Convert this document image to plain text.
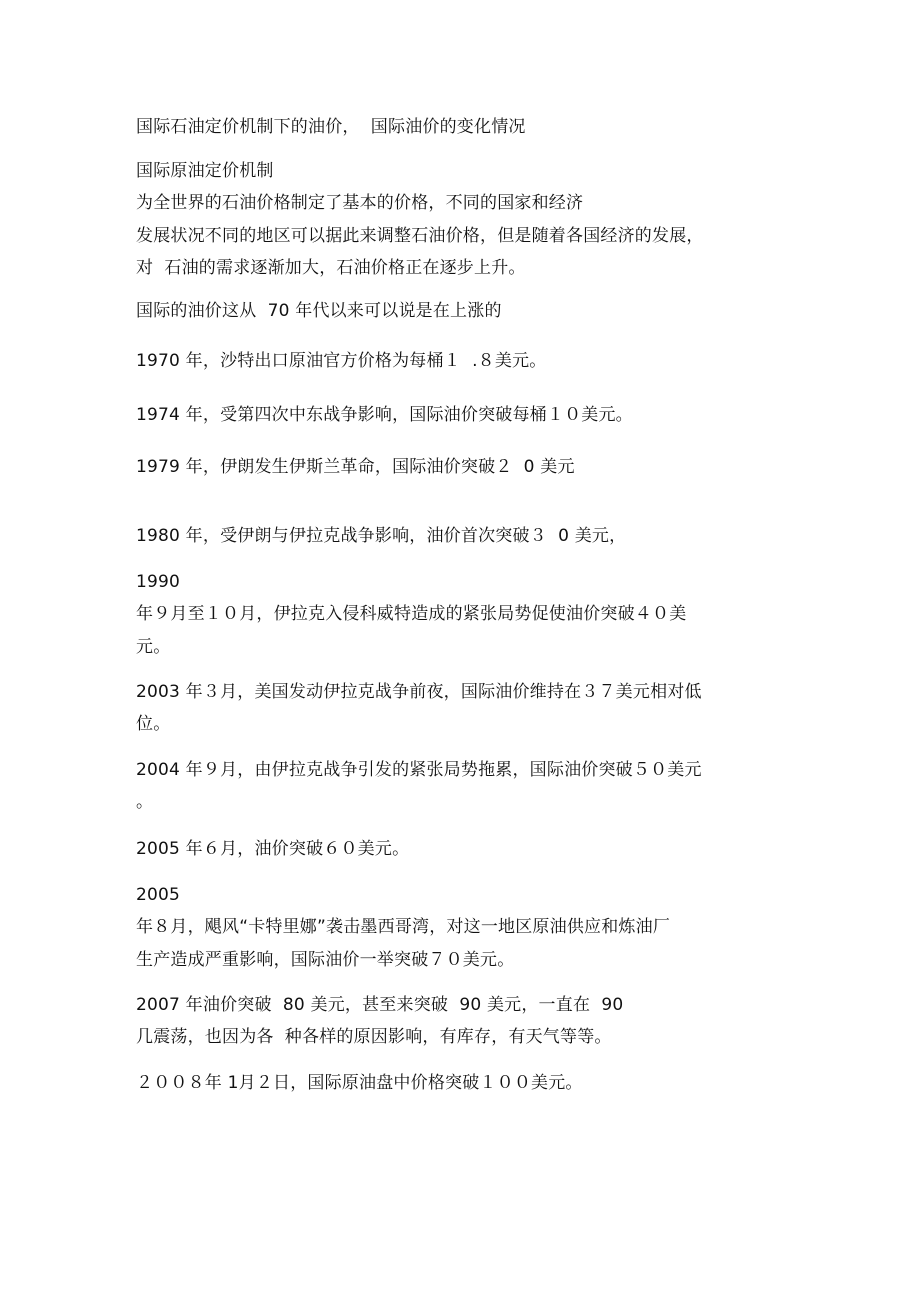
国际石油定价机制下的油价，  国际油价的变化情况

国际原油定价机制

为全世界的石油价格制定了基本的价格，不同的国家和经济

发展状况不同的地区可以据此来调整石油价格，但是随着各国经济的发展，

对  石油的需求逐渐加大，石油价格正在逐步上升。

国际的油价这从  70 年代以来可以说是在上涨的

1970 年，沙特出口原油官方价格为每桶１  .８美元。

1974 年，受第四次中东战争影响，国际油价突破每桶１０美元。

1979 年，伊朗发生伊斯兰革命，国际油价突破２  0 美元

1980 年，受伊朗与伊拉克战争影响，油价首次突破３  0 美元，

1990

年９月至１０月，伊拉克入侵科威特造成的紧张局势促使油价突破４０美

元。

2003 年３月，美国发动伊拉克战争前夜，国际油价维持在３７美元相对低

位。

2004 年９月，由伊拉克战争引发的紧张局势拖累，国际油价突破５０美元

。

2005 年６月，油价突破６０美元。

2005

年８月，飓风“卡特里娜”袭击墨西哥湾，对这一地区原油供应和炼油厂

生产造成严重影响，国际油价一举突破７０美元。

2007 年油价突破  80 美元，甚至来突破  90 美元，一直在  90

几震荡，也因为各  种各样的原因影响，有库存，有天气等等。

２００８年 1月２日，国际原油盘中价格突破１００美元。
